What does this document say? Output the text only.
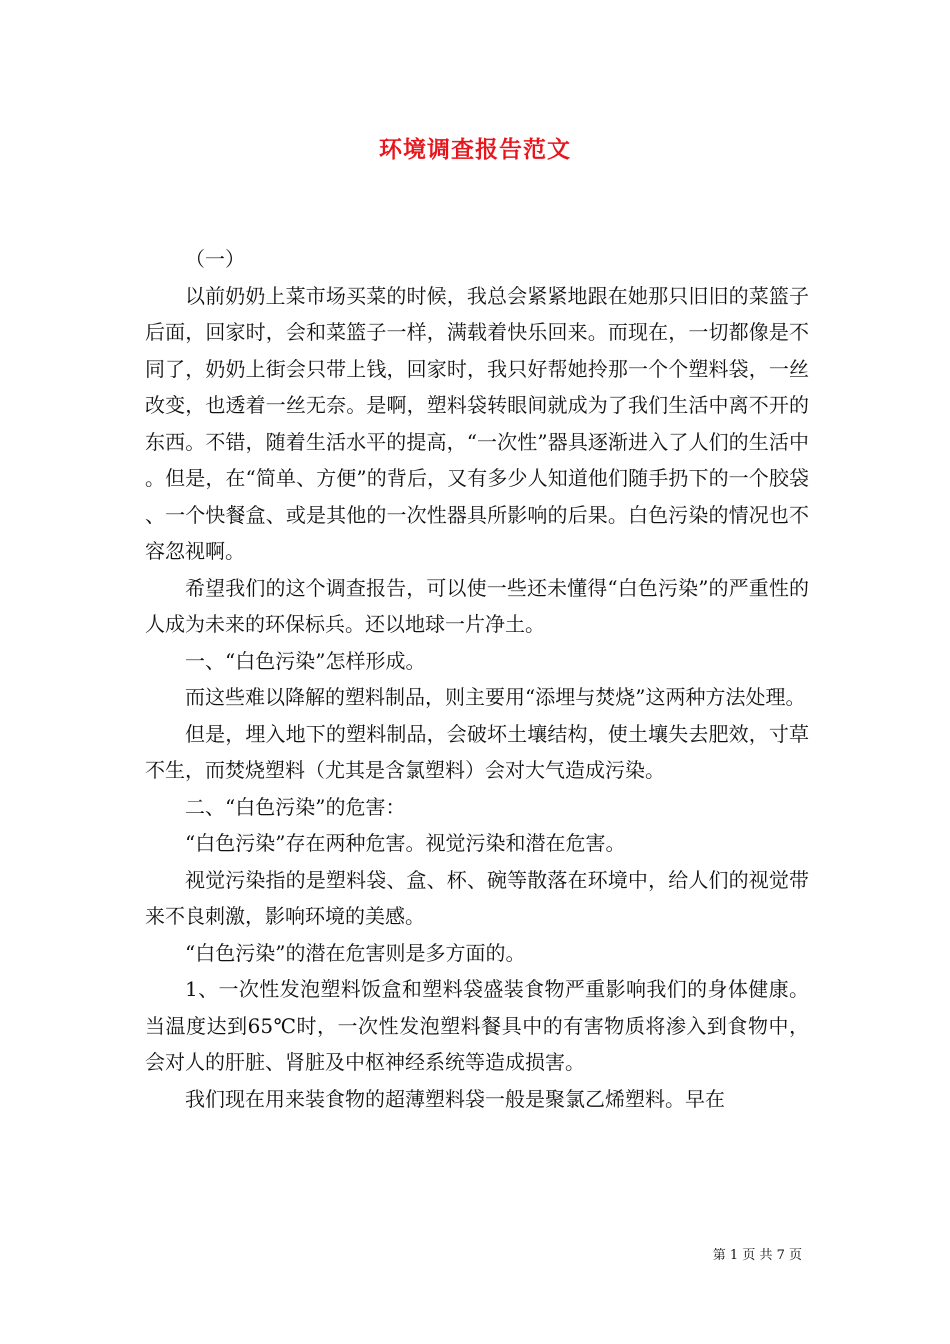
环境调查报告范文

（一）

以前奶奶上菜市场买菜的时候，我总会紧紧地跟在她那只旧旧的菜篮子后面，回家时，会和菜篮子一样，满载着快乐回来。而现在，一切都像是不同了，奶奶上街会只带上钱，回家时，我只好帮她拎那一个个塑料袋，一丝改变，也透着一丝无奈。是啊，塑料袋转眼间就成为了我们生活中离不开的东西。不错，随着生活水平的提高，“一次性”器具逐渐进入了人们的生活中。但是，在“简单、方便”的背后，又有多少人知道他们随手扔下的一个胶袋、一个快餐盒、或是其他的一次性器具所影响的后果。白色污染的情况也不容忽视啊。

希望我们的这个调查报告，可以使一些还未懂得“白色污染”的严重性的人成为未来的环保标兵。还以地球一片净土。

一、“白色污染”怎样形成。

而这些难以降解的塑料制品，则主要用“添埋与焚烧”这两种方法处理。

但是，埋入地下的塑料制品，会破坏土壤结构，使土壤失去肥效，寸草不生，而焚烧塑料（尤其是含氯塑料）会对大气造成污染。

二、“白色污染”的危害：

“白色污染”存在两种危害。视觉污染和潜在危害。

视觉污染指的是塑料袋、盒、杯、碗等散落在环境中，给人们的视觉带来不良刺激，影响环境的美感。

“白色污染”的潜在危害则是多方面的。

1、一次性发泡塑料饭盒和塑料袋盛装食物严重影响我们的身体健康。当温度达到65℃时，一次性发泡塑料餐具中的有害物质将渗入到食物中，会对人的肝脏、肾脏及中枢神经系统等造成损害。

我们现在用来装食物的超薄塑料袋一般是聚氯乙烯塑料。早在

第 1 页 共 7 页
